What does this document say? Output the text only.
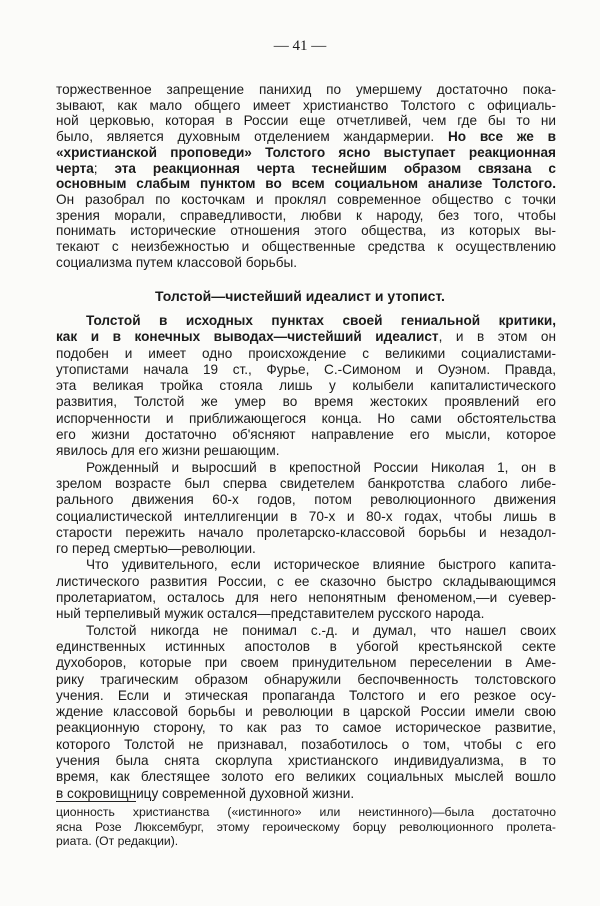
— 41 —
торжественное запрещение панихид по умершему достаточно пока-
зывают, как мало общего имеет христианство Толстого с официаль-
ной церковью, которая в России еще отчетливей, чем где бы то ни
было, является духовным отделением жандармерии. Но все же в
«христианской проповеди» Толстого ясно выступает реакционная
черта; эта реакционная черта теснейшим образом связана с
основным слабым пунктом во всем социальном анализе Толстого.
Он разобрал по косточкам и проклял современное общество с точки
зрения морали, справедливости, любви к народу, без того, чтобы
понимать исторические отношения этого общества, из которых вы-
текают с неизбежностью и общественные средства к осуществлению
социализма путем классовой борьбы.
Толстой—чистейший идеалист и утопист.
Толстой в исходных пунктах своей гениальной критики,
как и в конечных выводах—чистейший идеалист, и в этом он
подобен и имеет одно происхождение с великими социалистами-
утопистами начала 19 ст., Фурье, С.-Симоном и Оуэном. Правда,
эта великая тройка стояла лишь у колыбели капиталистического
развития, Толстой же умер во время жестоких проявлений его
испорченности и приближающегося конца. Но сами обстоятельства
его жизни достаточно об'ясняют направление его мысли, которое
явилось для его жизни решающим.
Рожденный и выросший в крепостной России Николая 1, он в
зрелом возрасте был сперва свидетелем банкротства слабого либе-
рального движения 60-х годов, потом революционного движения
социалистической интеллигенции в 70-х и 80-х годах, чтобы лишь в
старости пережить начало пролетарско-классовой борьбы и незадол-
го перед смертью—революции.
Что удивительного, если историческое влияние быстрого капита-
листического развития России, с ее сказочно быстро складывающимся
пролетариатом, осталось для него непонятным феноменом,—и суевер-
ный терпеливый мужик остался—представителем русского народа.
Толстой никогда не понимал с.-д. и думал, что нашел своих
единственных истинных апостолов в убогой крестьянской секте
духоборов, которые при своем принудительном переселении в Аме-
рику трагическим образом обнаружили беспочвенность толстовского
учения. Если и этическая пропаганда Толстого и его резкое осу-
ждение классовой борьбы и революции в царской России имели свою
реакционную сторону, то как раз то самое историческое развитие,
которого Толстой не признавал, позаботилось о том, чтобы с его
учения была снята скорлупа христианского индивидуализма, в то
время, как блестящее золото его великих социальных мыслей вошло
в сокровищницу современной духовной жизни.
ционность христианства («истинного» или неистинного)—была достаточно
ясна Розе Люксембург, этому героическому борцу революционного пролета-
риата. (От редакции).
